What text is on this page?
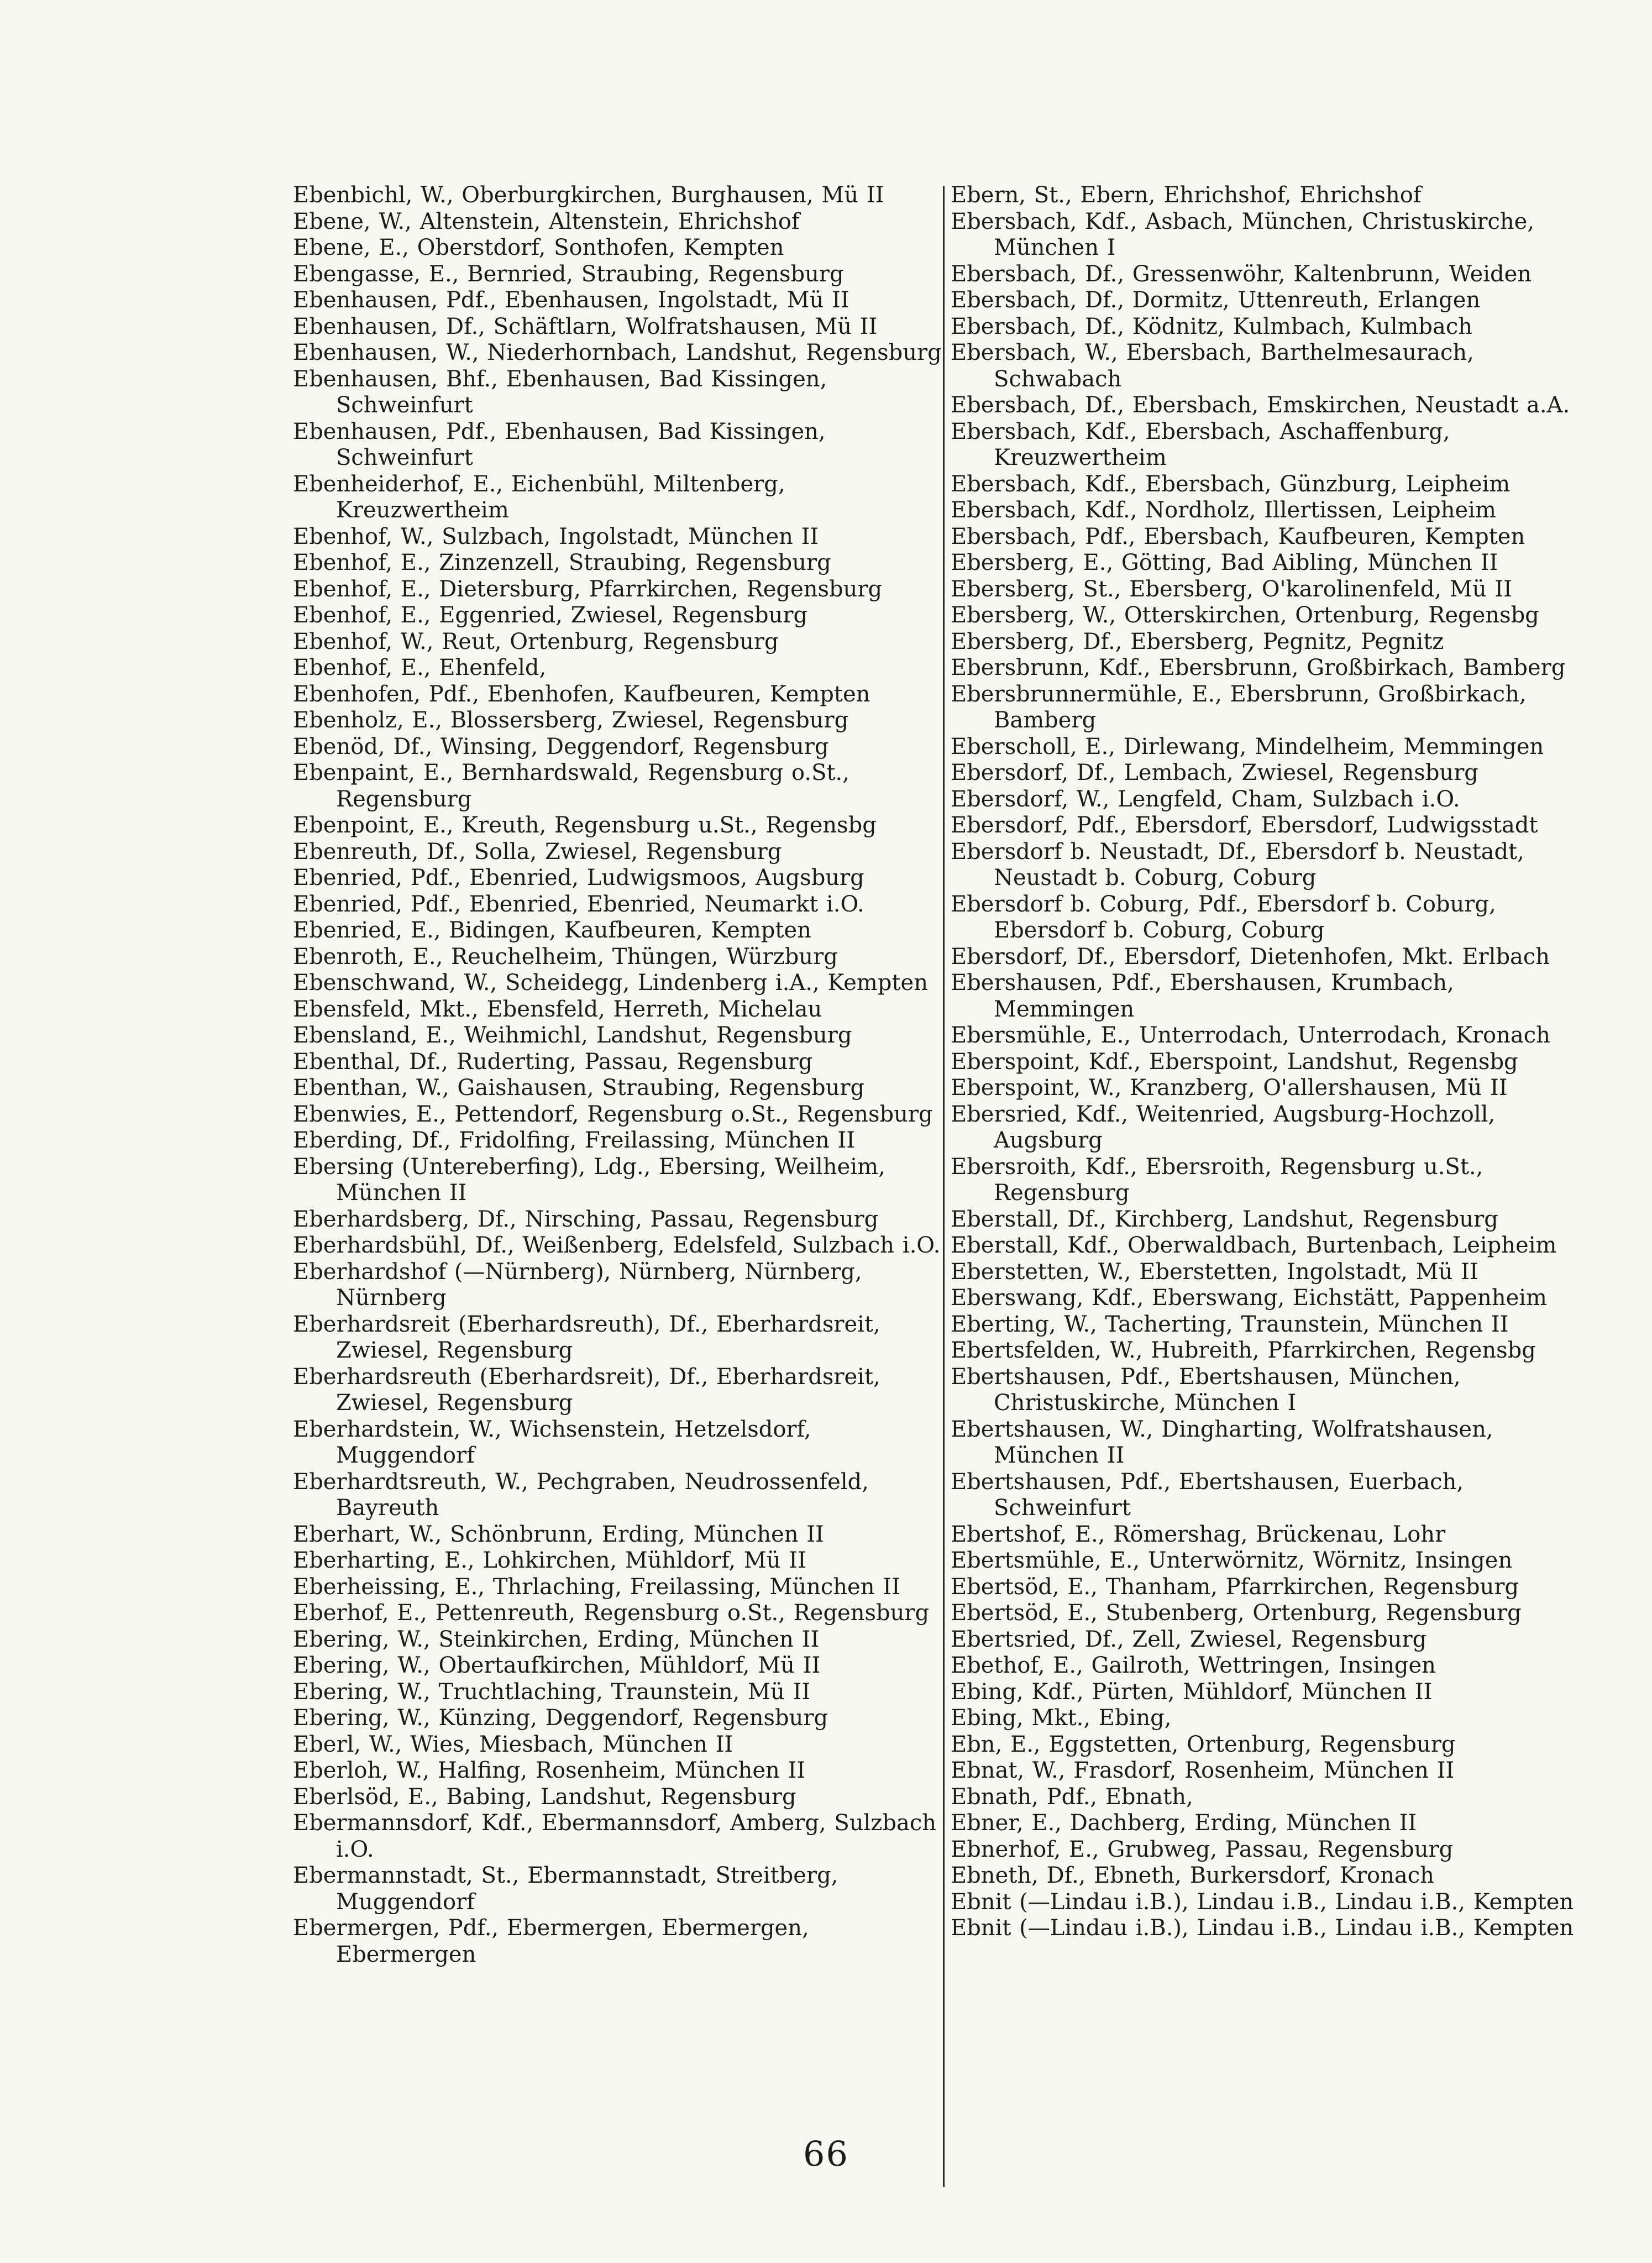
Ebenbichl, W., Oberburgkirchen, Burghausen, Mü II
Ebene, W., Altenstein, Altenstein, Ehrichshof
Ebene, E., Oberstdorf, Sonthofen, Kempten
Ebengasse, E., Bernried, Straubing, Regensburg
Ebenhausen, Pdf., Ebenhausen, Ingolstadt, Mü II
Ebenhausen, Df., Schäftlarn, Wolfratshausen, Mü II
Ebenhausen, W., Niederhornbach, Landshut, Regensburg
Ebenhausen, Bhf., Ebenhausen, Bad Kissingen, Schweinfurt
Ebenhausen, Pdf., Ebenhausen, Bad Kissingen, Schweinfurt
Ebenheiderhof, E., Eichenbühl, Miltenberg, Kreuzwertheim
Ebenhof, W., Sulzbach, Ingolstadt, München II
Ebenhof, E., Zinzenzell, Straubing, Regensburg
Ebenhof, E., Dietersburg, Pfarrkirchen, Regensburg
Ebenhof, E., Eggenried, Zwiesel, Regensburg
Ebenhof, W., Reut, Ortenburg, Regensburg
Ebenhof, E., Ehenfeld,
Ebenhofen, Pdf., Ebenhofen, Kaufbeuren, Kempten
Ebenholz, E., Blossersberg, Zwiesel, Regensburg
Ebenöd, Df., Winsing, Deggendorf, Regensburg
Ebenpaint, E., Bernhardswald, Regensburg o.St., Regensburg
Ebenpoint, E., Kreuth, Regensburg u.St., Regensbg
Ebenreuth, Df., Solla, Zwiesel, Regensburg
Ebenried, Pdf., Ebenried, Ludwigsmoos, Augsburg
Ebenried, Pdf., Ebenried, Ebenried, Neumarkt i.O.
Ebenried, E., Bidingen, Kaufbeuren, Kempten
Ebenroth, E., Reuchelheim, Thüngen, Würzburg
Ebenschwand, W., Scheidegg, Lindenberg i.A., Kempten
Ebensfeld, Mkt., Ebensfeld, Herreth, Michelau
Ebensland, E., Weihmichl, Landshut, Regensburg
Ebenthal, Df., Ruderting, Passau, Regensburg
Ebenthan, W., Gaishausen, Straubing, Regensburg
Ebenwies, E., Pettendorf, Regensburg o.St., Regensburg
Eberding, Df., Fridolfing, Freilassing, München II
Ebersing (Untereberfing), Ldg., Ebersing, Weilheim, München II
Eberhardsberg, Df., Nirsching, Passau, Regensburg
Eberhardsbühl, Df., Weißenberg, Edelsfeld, Sulzbach i.O.
Eberhardshof (—Nürnberg), Nürnberg, Nürnberg, Nürnberg
Eberhardsreit (Eberhardsreuth), Df., Eberhardsreit, Zwiesel, Regensburg
Eberhardsreuth (Eberhardsreit), Df., Eberhardsreit, Zwiesel, Regensburg
Eberhardstein, W., Wichsenstein, Hetzelsdorf, Muggendorf
Eberhardtsreuth, W., Pechgraben, Neudrossenfeld, Bayreuth
Eberhart, W., Schönbrunn, Erding, München II
Eberharting, E., Lohkirchen, Mühldorf, Mü II
Eberheissing, E., Thrlaching, Freilassing, München II
Eberhof, E., Pettenreuth, Regensburg o.St., Regensburg
Ebering, W., Steinkirchen, Erding, München II
Ebering, W., Obertaufkirchen, Mühldorf, Mü II
Ebering, W., Truchtlaching, Traunstein, Mü II
Ebering, W., Künzing, Deggendorf, Regensburg
Eberl, W., Wies, Miesbach, München II
Eberloh, W., Halfing, Rosenheim, München II
Eberlsöd, E., Babing, Landshut, Regensburg
Ebermannsdorf, Kdf., Ebermannsdorf, Amberg, Sulzbach i.O.
Ebermannstadt, St., Ebermannstadt, Streitberg, Muggendorf
Ebermergen, Pdf., Ebermergen, Ebermergen, Ebermergen
Ebern, St., Ebern, Ehrichshof, Ehrichshof
Ebersbach, Kdf., Asbach, München, Christuskirche, München I
Ebersbach, Df., Gressenwöhr, Kaltenbrunn, Weiden
Ebersbach, Df., Dormitz, Uttenreuth, Erlangen
Ebersbach, Df., Ködnitz, Kulmbach, Kulmbach
Ebersbach, W., Ebersbach, Barthelmesaurach, Schwabach
Ebersbach, Df., Ebersbach, Emskirchen, Neustadt a.A.
Ebersbach, Kdf., Ebersbach, Aschaffenburg, Kreuzwertheim
Ebersbach, Kdf., Ebersbach, Günzburg, Leipheim
Ebersbach, Kdf., Nordholz, Illertissen, Leipheim
Ebersbach, Pdf., Ebersbach, Kaufbeuren, Kempten
Ebersberg, E., Götting, Bad Aibling, München II
Ebersberg, St., Ebersberg, O'karolinenfeld, Mü II
Ebersberg, W., Otterskirchen, Ortenburg, Regensbg
Ebersberg, Df., Ebersberg, Pegnitz, Pegnitz
Ebersbrunn, Kdf., Ebersbrunn, Großbirkach, Bamberg
Ebersbrunnermühle, E., Ebersbrunn, Großbirkach, Bamberg
Eberscholl, E., Dirlewang, Mindelheim, Memmingen
Ebersdorf, Df., Lembach, Zwiesel, Regensburg
Ebersdorf, W., Lengfeld, Cham, Sulzbach i.O.
Ebersdorf, Pdf., Ebersdorf, Ebersdorf, Ludwigsstadt
Ebersdorf b. Neustadt, Df., Ebersdorf b. Neustadt, Neustadt b. Coburg, Coburg
Ebersdorf b. Coburg, Pdf., Ebersdorf b. Coburg, Ebersdorf b. Coburg, Coburg
Ebersdorf, Df., Ebersdorf, Dietenhofen, Mkt. Erlbach
Ebershausen, Pdf., Ebershausen, Krumbach, Memmingen
Ebersmühle, E., Unterrodach, Unterrodach, Kronach
Eberspoint, Kdf., Eberspoint, Landshut, Regensbg
Eberspoint, W., Kranzberg, O'allershausen, Mü II
Ebersried, Kdf., Weitenried, Augsburg-Hochzoll, Augsburg
Ebersroith, Kdf., Ebersroith, Regensburg u.St., Regensburg
Eberstall, Df., Kirchberg, Landshut, Regensburg
Eberstall, Kdf., Oberwaldbach, Burtenbach, Leipheim
Eberstetten, W., Eberstetten, Ingolstadt, Mü II
Eberswang, Kdf., Eberswang, Eichstätt, Pappenheim
Eberting, W., Tacherting, Traunstein, München II
Ebertsfelden, W., Hubreith, Pfarrkirchen, Regensbg
Ebertshausen, Pdf., Ebertshausen, München, Christuskirche, München I
Ebertshausen, W., Dingharting, Wolfratshausen, München II
Ebertshausen, Pdf., Ebertshausen, Euerbach, Schweinfurt
Ebertshof, E., Römershag, Brückenau, Lohr
Ebertsmühle, E., Unterwörnitz, Wörnitz, Insingen
Ebertsöd, E., Thanham, Pfarrkirchen, Regensburg
Ebertsöd, E., Stubenberg, Ortenburg, Regensburg
Ebertsried, Df., Zell, Zwiesel, Regensburg
Ebethof, E., Gailroth, Wettringen, Insingen
Ebing, Kdf., Pürten, Mühldorf, München II
Ebing, Mkt., Ebing,
Ebn, E., Eggstetten, Ortenburg, Regensburg
Ebnat, W., Frasdorf, Rosenheim, München II
Ebnath, Pdf., Ebnath,
Ebner, E., Dachberg, Erding, München II
Ebnerhof, E., Grubweg, Passau, Regensburg
Ebneth, Df., Ebneth, Burkersdorf, Kronach
Ebnit (—Lindau i.B.), Lindau i.B., Lindau i.B., Kempten
Ebnit (—Lindau i.B.), Lindau i.B., Lindau i.B., Kempten
66
